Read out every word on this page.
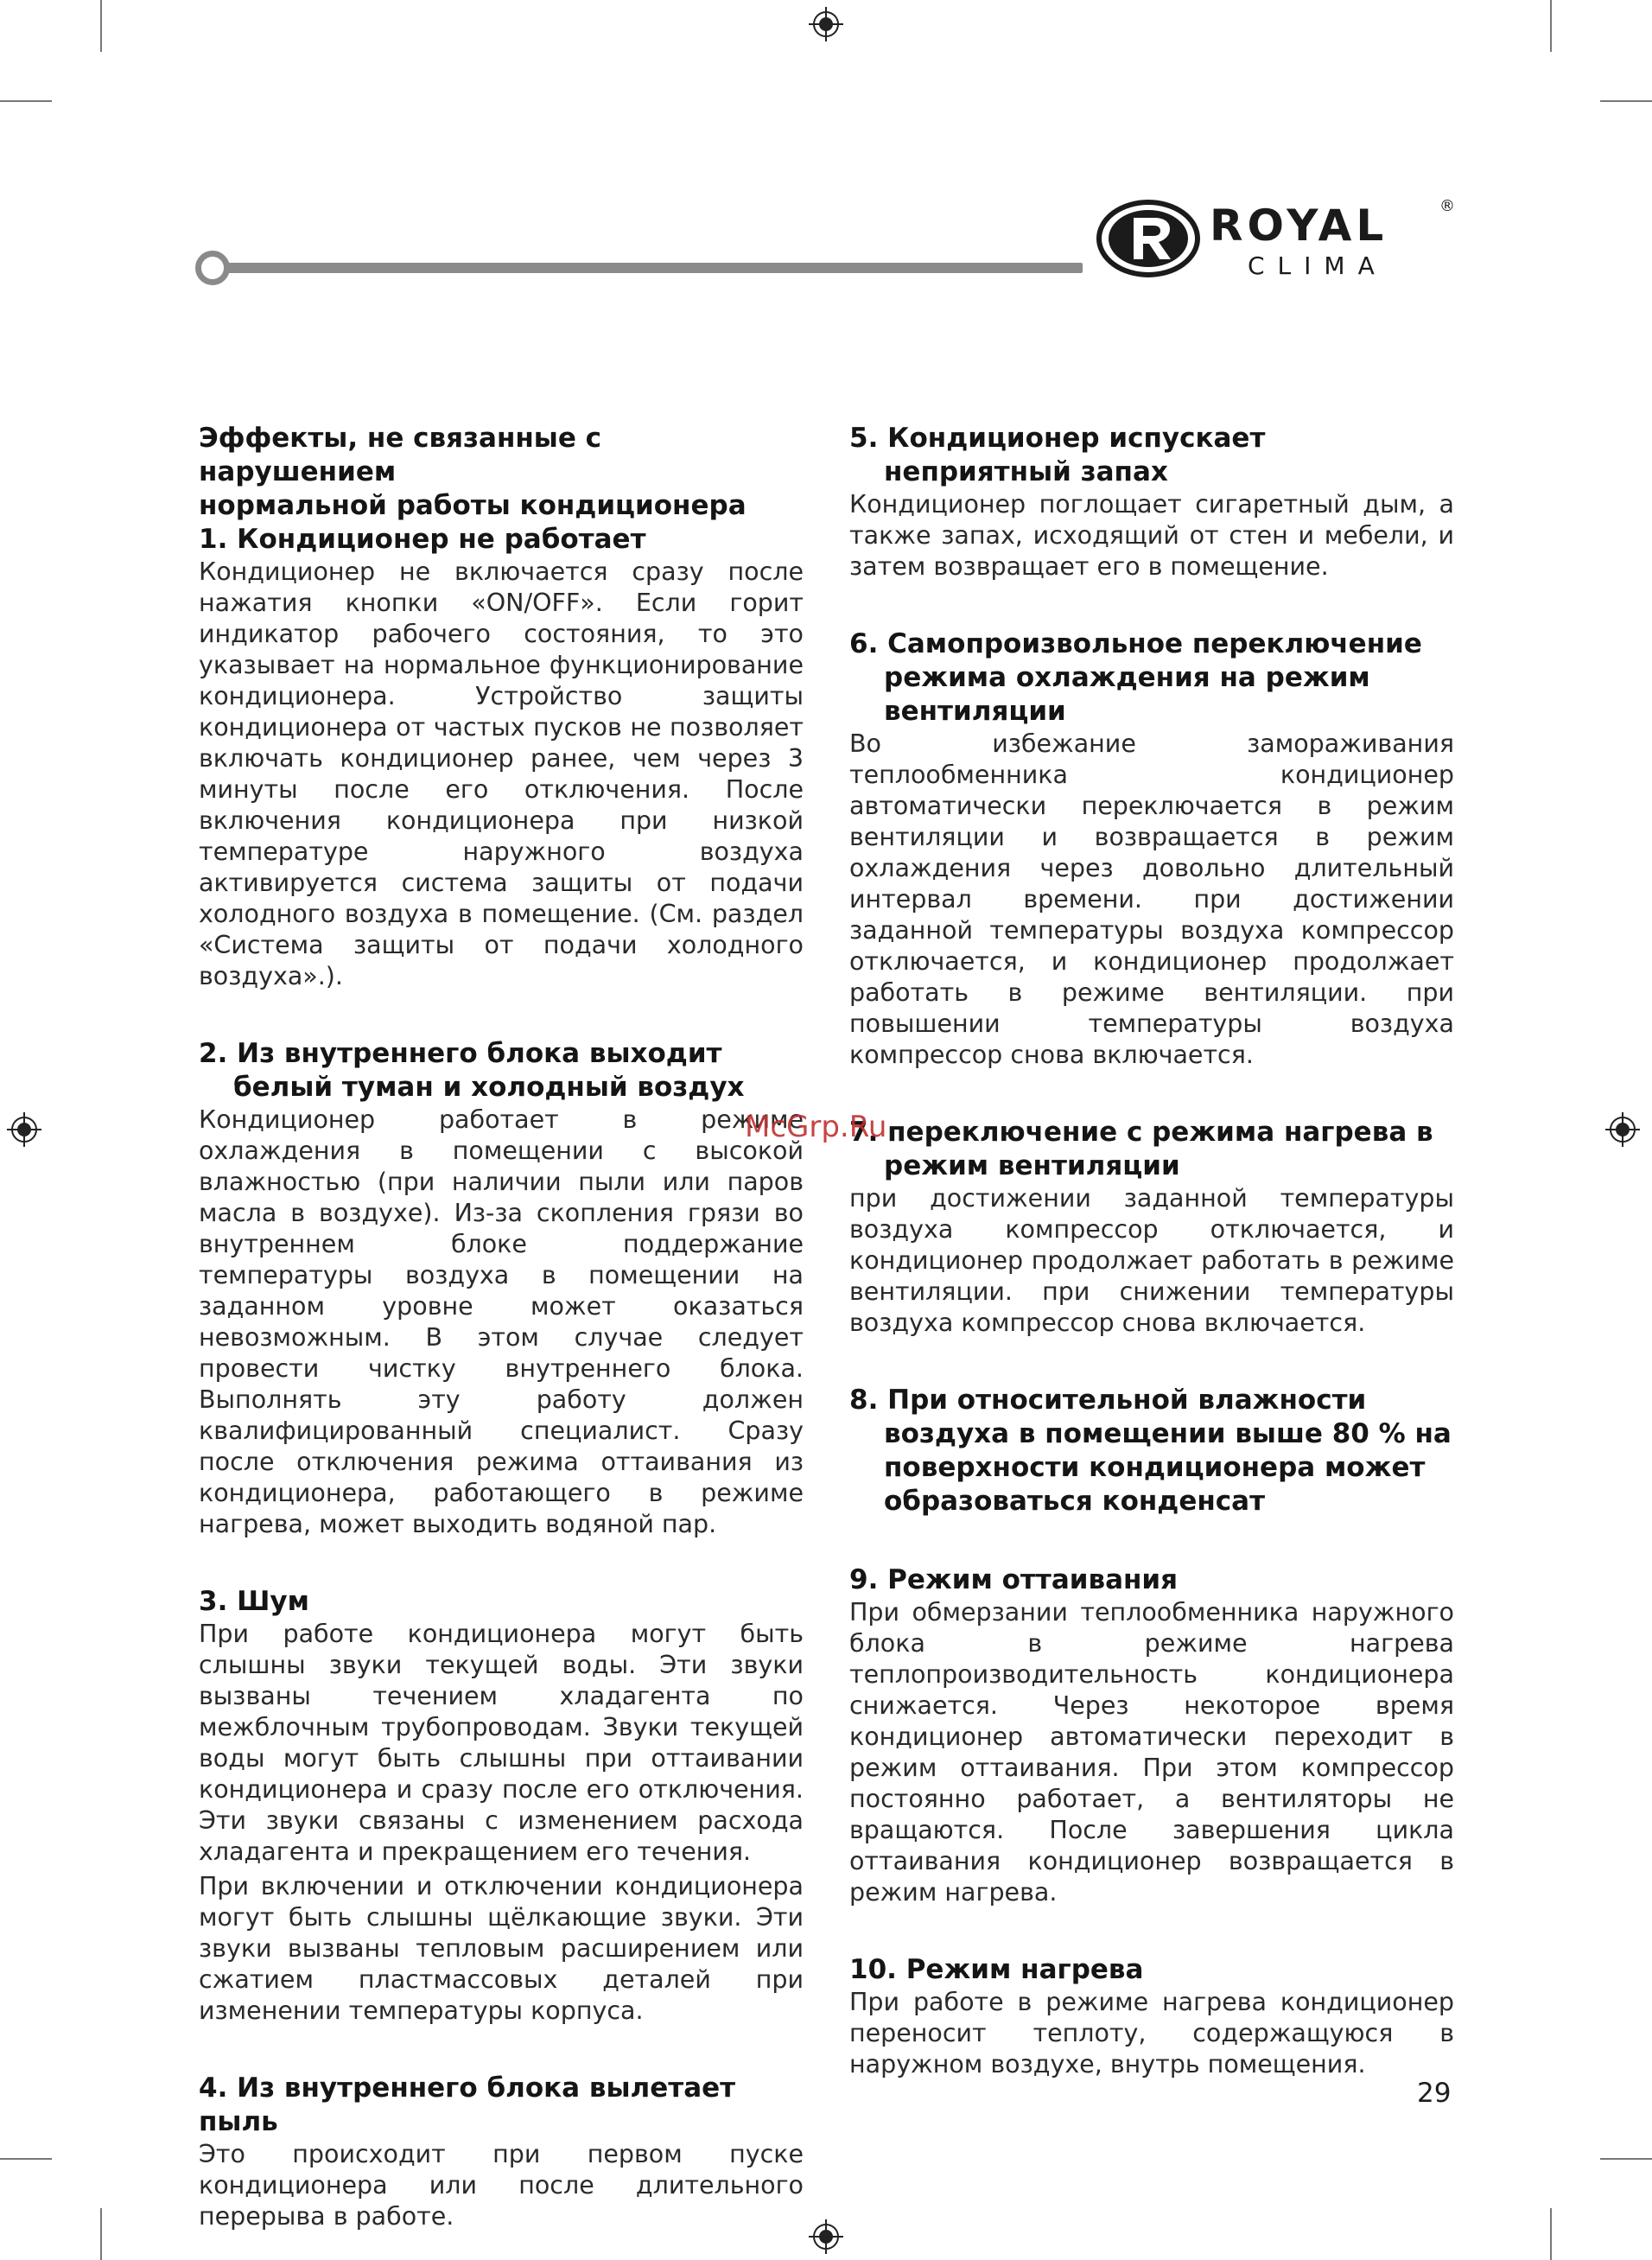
ROYAL	®
CLIMA

Эффекты, не связанные с нарушением

нормальной работы кондиционера

1. Кондиционер не работает

Кондиционер не включается сразу после нажатия кнопки «ON/OFF». Если горит индикатор рабочего состояния, то это указывает на нормальное функционирование кондиционера. Устройство защиты кондиционера от частых пусков не позволяет включать кондиционер ранее, чем через 3 минуты после его отключения. После включения кондиционера при низкой температуре наружного воздуха активируется система защиты от подачи холодного воздуха в помещение. (См. раздел «Система защиты от подачи холодного воздуха».).

2. Из внутреннего блока выходит белый туман и холодный воздух

Кондиционер работает в режиме охлаждения в помещении с высокой влажностью (при наличии пыли или паров масла в воздухе). Из-за скопления грязи во внутреннем блоке поддержание температуры воздуха в помещении на заданном уровне может оказаться невозможным. В этом случае следует провести чистку внутреннего блока. Выполнять эту работу должен квалифицированный специалист. Сразу после отключения режима оттаивания из кондиционера, работающего в режиме нагрева, может выходить водяной пар.

3. Шум

При работе кондиционера могут быть слышны звуки текущей воды. Эти звуки вызваны течением хладагента по межблочным трубопроводам. Звуки текущей воды могут быть слышны при оттаивании кондиционера и сразу после его отключения. Эти звуки связаны с изменением расхода хладагента и прекращением его течения.

При включении и отключении кондиционера могут быть слышны щёлкающие звуки. Эти звуки вызваны тепловым расширением или сжатием пластмассовых деталей при изменении температуры корпуса.

4. Из внутреннего блока вылетает пыль

Это происходит при первом пуске кондиционера или после длительного перерыва в работе.

5. Кондиционер испускает неприятный запах

Кондиционер поглощает сигаретный дым, а также запах, исходящий от стен и мебели, и затем возвращает его в помещение.

6. Самопроизвольное переключение режима охлаждения на режим вентиляции

Во избежание замораживания теплообменника кондиционер автоматически переключается в режим вентиляции и возвращается в режим охлаждения через довольно длительный интервал времени. при достижении заданной температуры воздуха компрессор отключается, и кондиционер продолжает работать в режиме вентиляции. при повышении температуры воздуха компрессор снова включается.

7. переключение с режима нагрева в режим вентиляции

при достижении заданной температуры воздуха компрессор отключается, и кондиционер продолжает работать в режиме вентиляции. при снижении температуры воздуха компрессор снова включается.

8. При относительной влажности воздуха в помещении выше 80 % на поверхности кондиционера может образоваться конденсат

9. Режим оттаивания

При обмерзании теплообменника наружного блока в режиме нагрева теплопроизводительность кондиционера снижается. Через некоторое время кондиционер автоматически переходит в режим оттаивания. При этом компрессор постоянно работает, а вентиляторы не вращаются. После завершения цикла оттаивания кондиционер возвращается в режим нагрева.

10. Режим нагрева

При работе в режиме нагрева кондиционер переносит теплоту, содержащуюся в наружном воздухе, внутрь помещения.

McGrp.Ru
29
